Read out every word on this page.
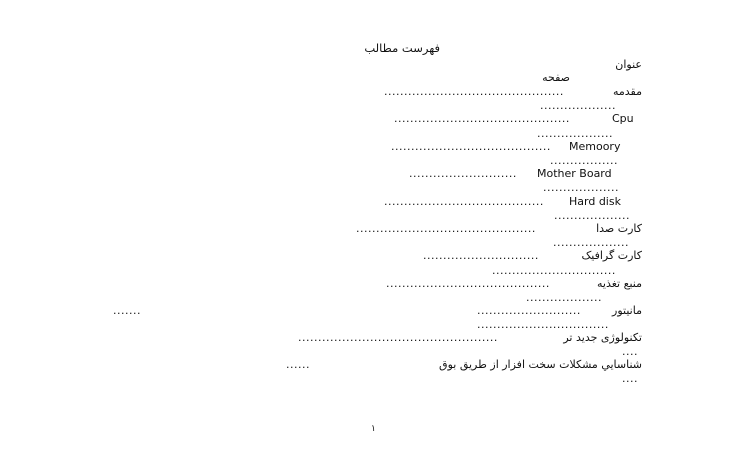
فهرست مطالب
عنوان
صفحه
مقدمه
.............................................
...................
Cpu
............................................
...................
Memoory
........................................
.................
Mother Board
...........................
...................
Hard disk
........................................
...................
کارت صدا
.............................................
...................
کارت گرافیک
.............................
...............................
منبع تغذیه
.........................................
...................
مانیتور
..........................
.......
.................................
تکنولوژی جدید تر
..................................................
....
شناسايي مشكلات سخت افزار از طريق بوق
......
....
۱
